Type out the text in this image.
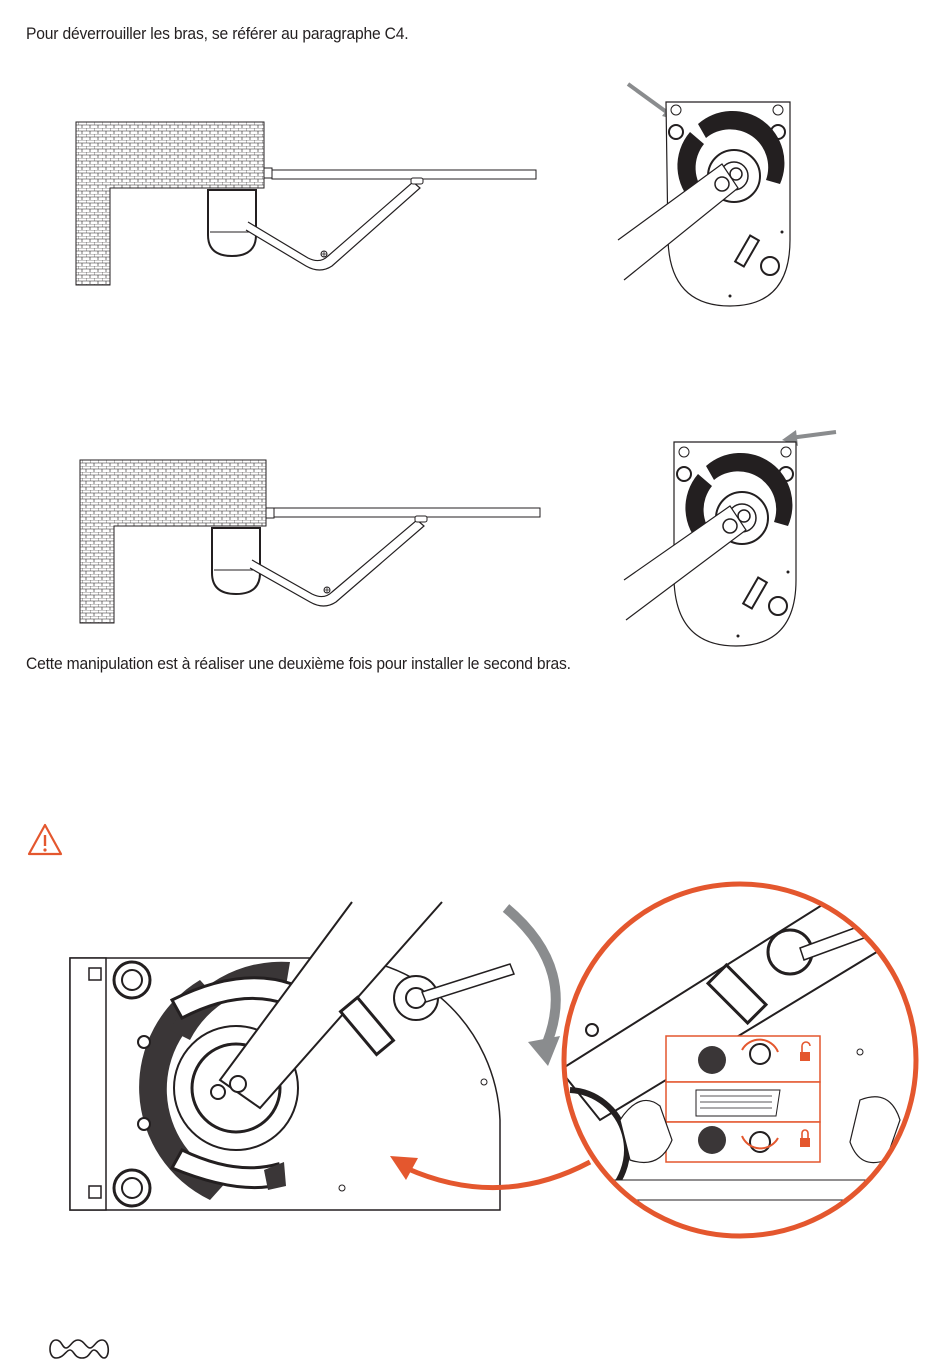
Pour déverrouiller les bras, se référer au paragraphe C4.
Cette manipulation est à réaliser une deuxième fois pour installer le second bras.
